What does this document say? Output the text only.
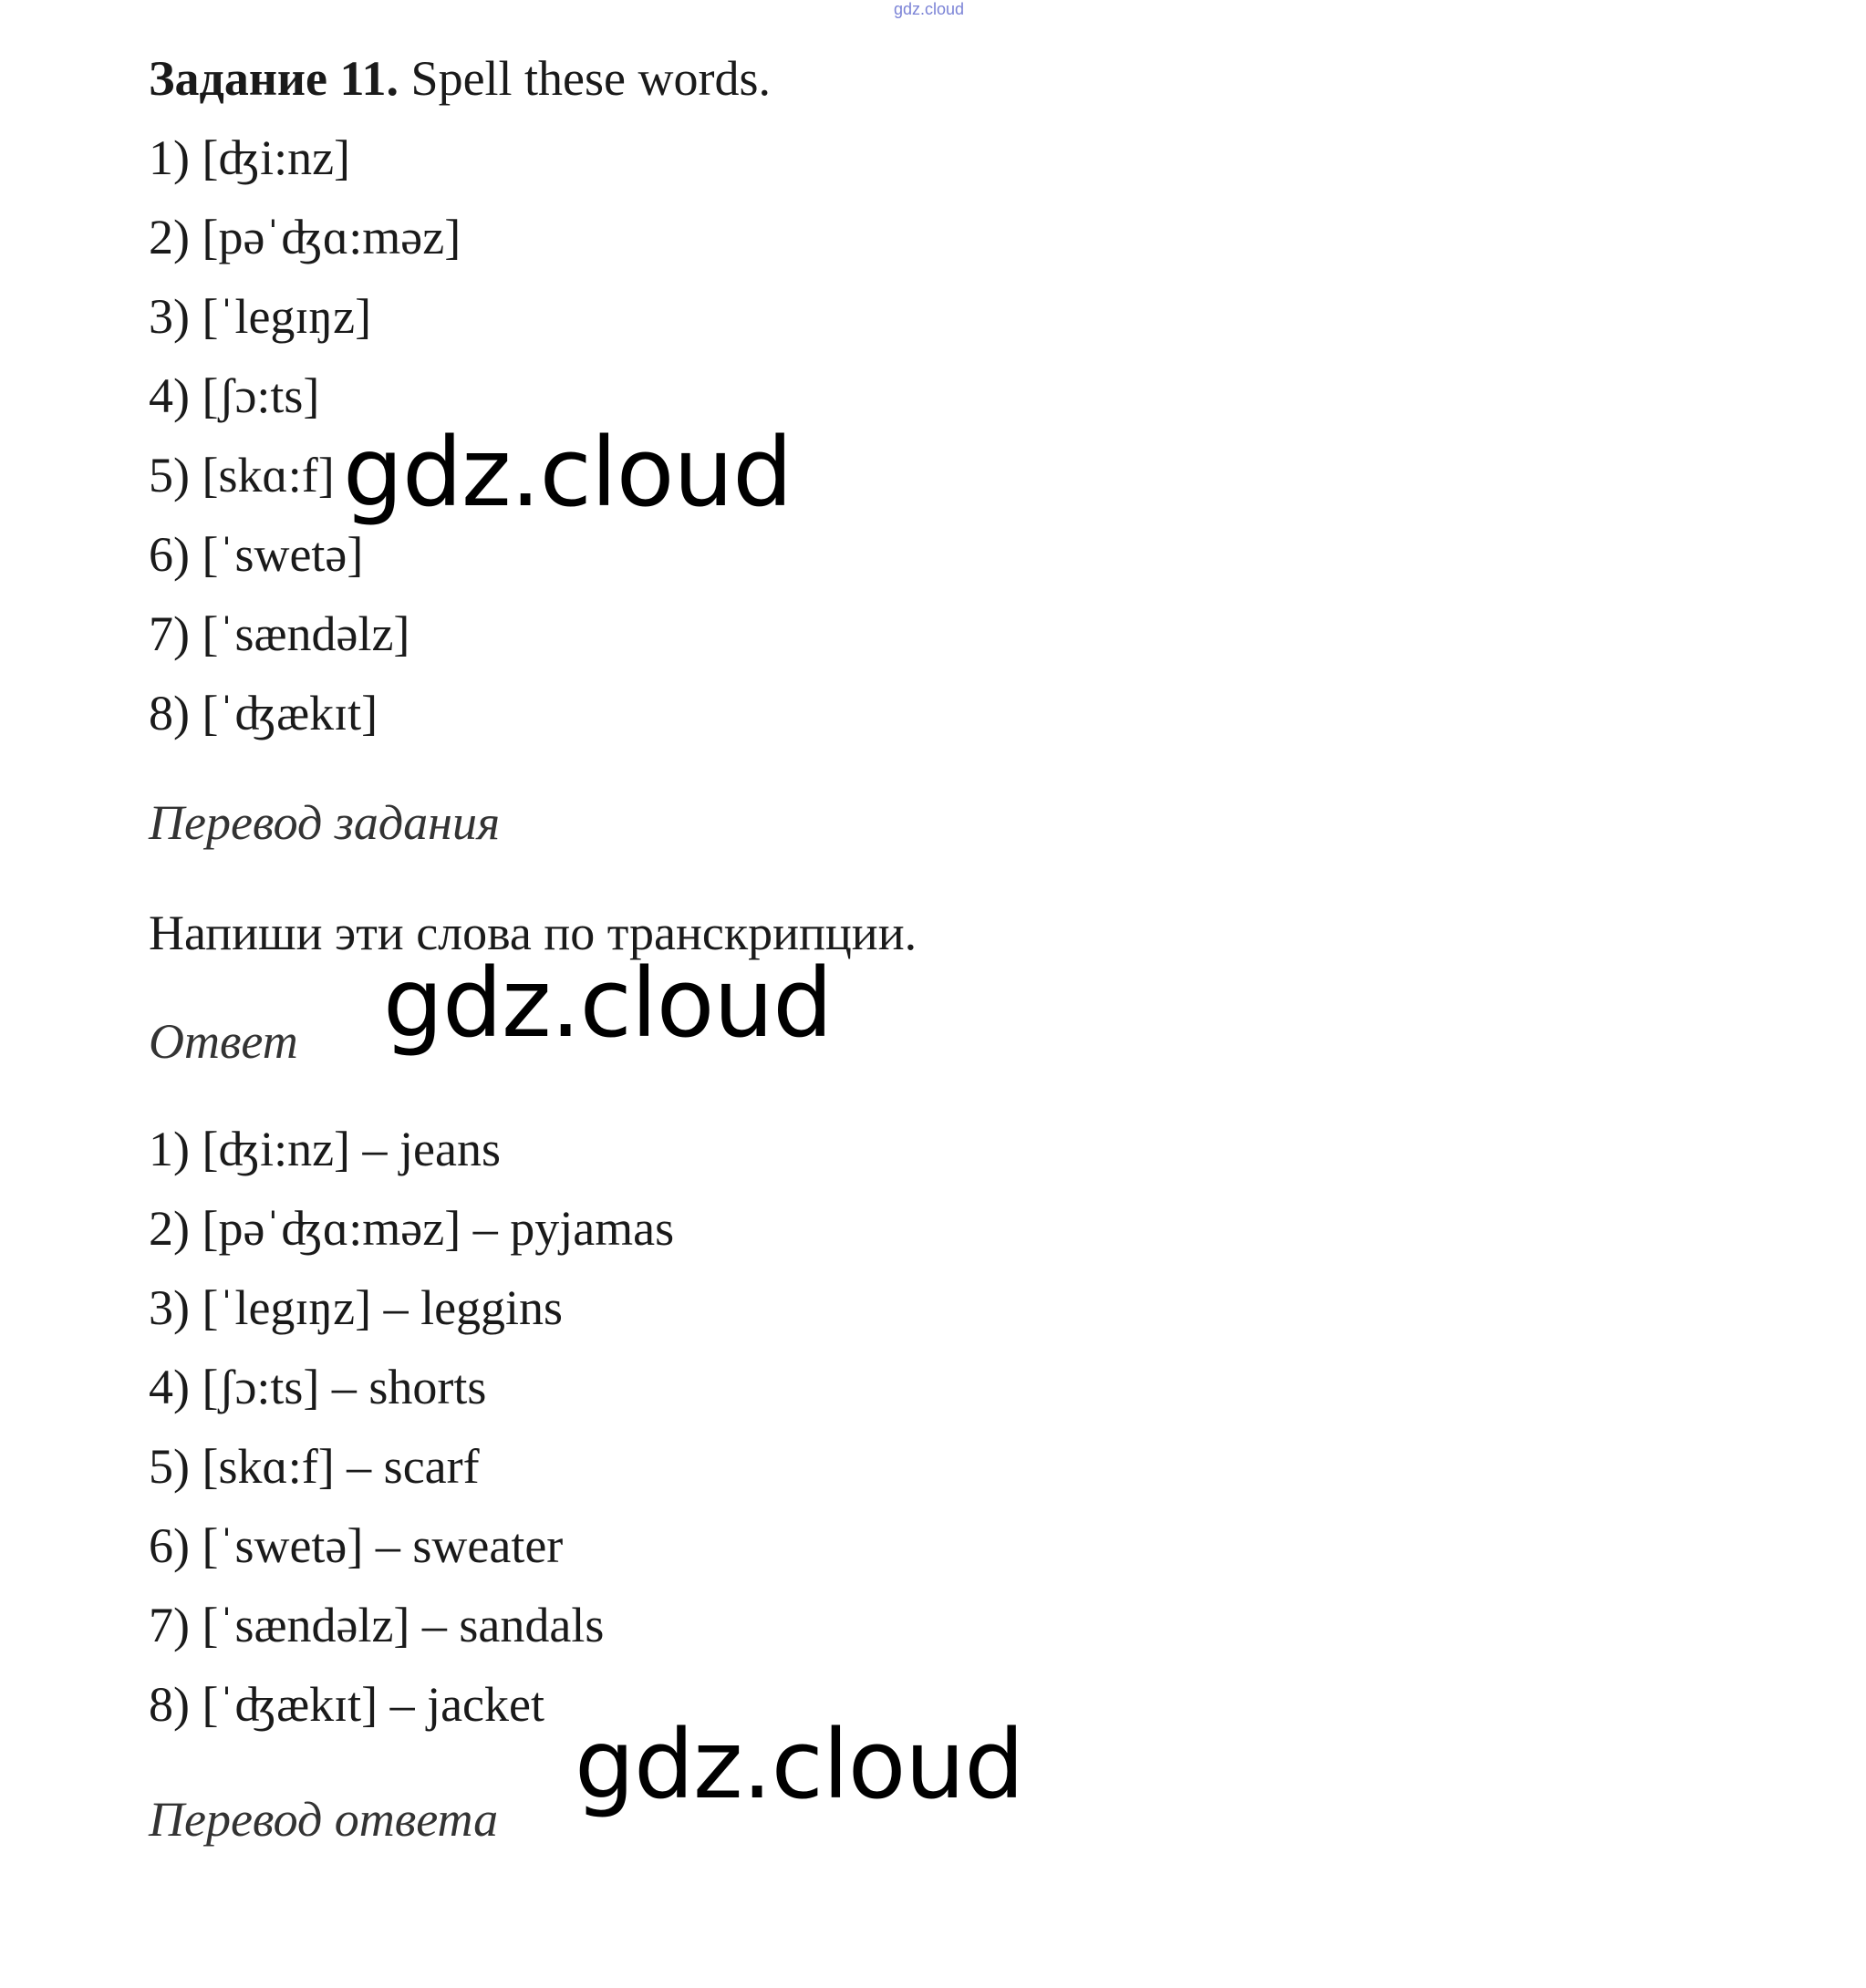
gdz.cloud
Задание 11. Spell these words.
1) [ʤi:nz]
2) [pəˈʤɑ:məz]
3) [ˈlegɪŋz]
4) [ʃɔ:ts]
5) [skɑ:f]
6) [ˈswetə]
7) [ˈsændəlz]
8) [ˈʤækɪt]
Перевод задания
Напиши эти слова по транскрипции.
Ответ
1) [ʤi:nz] – jeans
2) [pəˈʤɑ:məz] – pyjamas
3) [ˈlegɪŋz] – leggins
4) [ʃɔ:ts] – shorts
5) [skɑ:f] – scarf
6) [ˈswetə] – sweater
7) [ˈsændəlz] – sandals
8) [ˈʤækɪt] – jacket
Перевод ответа
gdz.cloud
gdz.cloud
gdz.cloud
